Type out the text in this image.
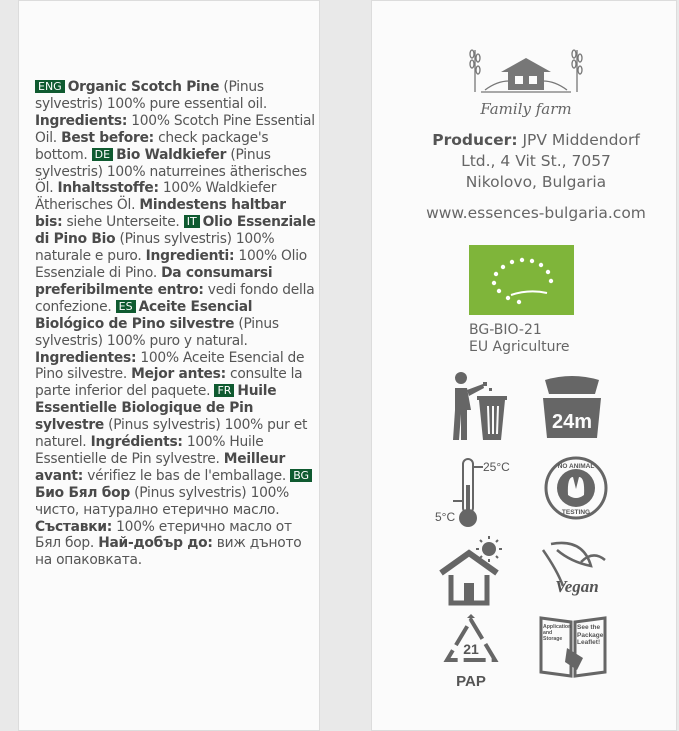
ENG Organic Scotch Pine (Pinus sylvestris) 100% pure essential oil. Ingredients: 100% Scotch Pine Essential Oil. Best before: check package's bottom. DE Bio Waldkiefer (Pinus sylvestris) 100% naturreines ätherisches Öl. Inhaltsstoffe: 100% Waldkiefer Ätherisches Öl. Mindestens haltbar bis: siehe Unterseite. IT Olio Essenziale di Pino Bio (Pinus sylvestris) 100% naturale e puro. Ingredienti: 100% Olio Essenziale di Pino. Da consumarsi preferibilmente entro: vedi fondo della confezione. ES Aceite Esencial Biológico de Pino silvestre (Pinus sylvestris) 100% puro y natural. Ingredientes: 100% Aceite Esencial de Pino silvestre. Mejor antes: consulte la parte inferior del paquete. FR Huile Essentielle Biologique de Pin sylvestre (Pinus sylvestris) 100% pur et naturel. Ingrédients: 100% Huile Essentielle de Pin sylvestre. Meilleur avant: vérifiez le bas de l'emballage. BGБио Бял бор (Pinus sylvestris) 100% чисто, натурално етерично масло. Съставки: 100% етерично масло от Бял бор. Най-добър до: виж дъното на опаковката.
Family farm
Producer: JPV Middendorf
Ltd., 4 Vit St., 7057
Nikolovo, Bulgaria
www.essences-bulgaria.com
BG-BIO-21
EU Agriculture
24m
25°C
5°C
NO ANIMAL
TESTING
Vegan
21
PAP
Application and Storage
See the Package Leaflet!
